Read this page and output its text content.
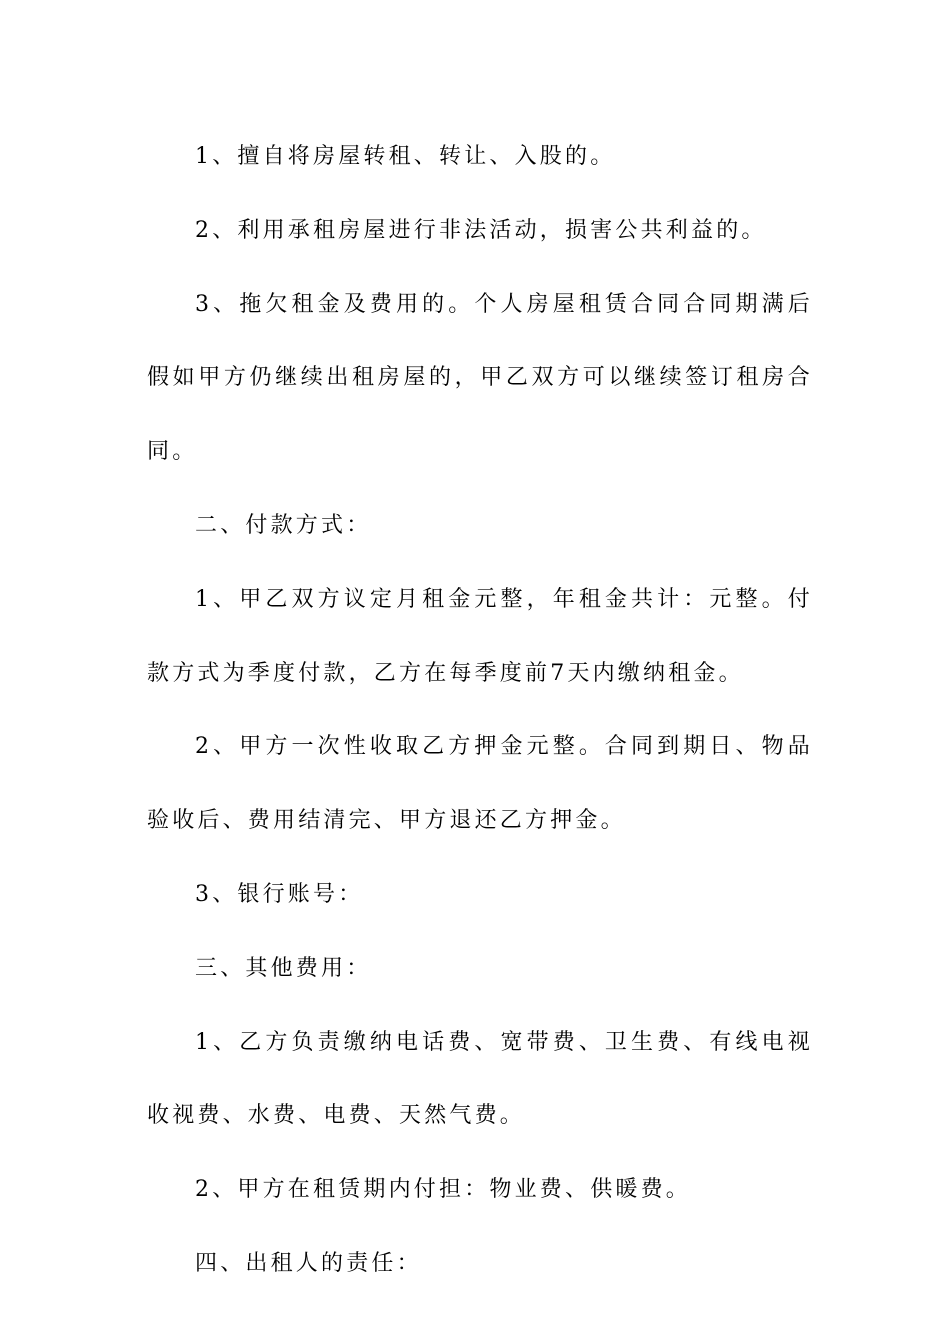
1、擅自将房屋转租、转让、入股的。

2、利用承租房屋进行非法活动，损害公共利益的。

3、拖欠租金及费用的。个人房屋租赁合同合同期满后假如甲方仍继续出租房屋的，甲乙双方可以继续签订租房合同。

二、付款方式：

1、甲乙双方议定月租金元整，年租金共计：元整。付款方式为季度付款，乙方在每季度前7天内缴纳租金。

2、甲方一次性收取乙方押金元整。合同到期日、物品验收后、费用结清完、甲方退还乙方押金。

3、银行账号：

三、其他费用：

1、乙方负责缴纳电话费、宽带费、卫生费、有线电视收视费、水费、电费、天然气费。

2、甲方在租赁期内付担：物业费、供暖费。

四、出租人的责任：
